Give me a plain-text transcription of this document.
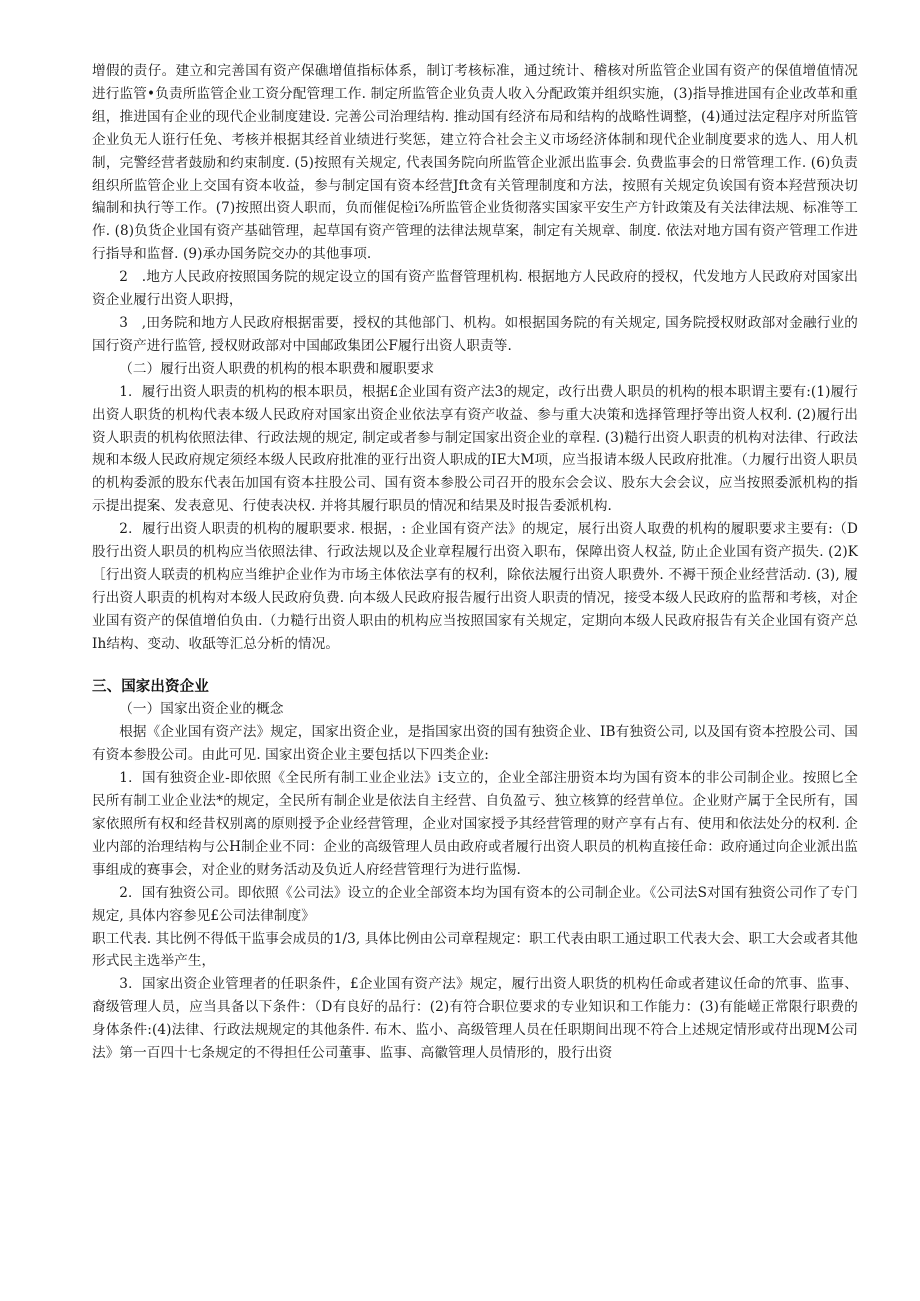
增假的责仔。建立和完善国有资产保礁增值指标体系，制订考核标准，通过统计、稽核对所监管企业国有资产的保值增值情况进行监管•负责所监管企业工资分配管理工作. 制定所监管企业负责人收入分配政策并组织实施，(3)指导推进国有企业改革和重组，推进国有企业的现代企业制度建设. 完善公司治理结构. 推动国有经济布局和结构的战略性调整，(4)通过法定程序对所监管企业负无人诳行任免、考核并根据其经首业绩进行奖惩，建立符合社会主义市场经济体制和现代企业制度要求的选人、用人机制，完警经营者鼓励和约束制度. (5)按照有关规定, 代表国务院向所监管企业派出监事会. 负费监事会的日常管理工作. (6)负责组织所监管企业上交国有资本收益，参与制定国有资本经营Jft贪有关管理制度和方法，按照有关规定负诶国有资本羟营预决切编制和执行等工作。(7)按照出资人职而，负而催促检i⅞所监管企业货彻落实国家平安生产方针政策及有关法律法规、标准等工作. (8)负货企业国有资产基础管理，起草国有资产管理的法律法规草案，制定有关规章、制度. 依法对地方国有资产管理工作进行指导和监督. (9)承办国务院交办的其他事项.

2　.地方人民政府按照国务院的规定设立的国有资产监督管理机构. 根据地方人民政府的授权，代发地方人民政府对国家出资企业履行出资人职拇，

3　,田务院和地方人民政府根据雷要，授权的其他部门、机构。如根据国务院的有关规定, 国务院授权财政部对金融行业的国行资产进行监管, 授权财政部对中国邮政集团公F履行出资人职责等.

（二）履行出资人职费的机构的根本职费和履职要求

1．履行出资人职责的机构的根本职员，根据£企业国有资产法3的规定，改行出费人职员的机构的根本职谓主要有:(1)履行出资人职货的机构代表本级人民政府对国家出资企业依法享有资产收益、参与重大决策和选择管理抒等出资人权利. (2)履行出资人职责的机构依照法律、行政法规的规定, 制定或者参与制定国家出资企业的章程. (3)糙行出资人职责的机构对法律、行政法规和本级人民政府规定须经本级人民政府批准的亚行出资人职成的IE大M项，应当报请本级人民政府批准。（力履行出资人职员的机构委派的股东代表缶加国有资本拄股公司、国有资本参股公司召开的股东会会议、股东大会会议，应当按照委派机构的指示提出提案、发表意见、行使表决权. 并将其履行职员的情况和结果及时报告委派机构.

2．履行出资人职责的机构的履职要求. 根据，: 企业国有资产法》的规定，展行出资人取费的机构的履职要求主要有:（D股行出资人职员的机构应当依照法律、行政法规以及企业章程履行出资入职布，保障出资人权益, 防止企业国有资产损失. (2)K［行出资人联责的机构应当维护企业作为市场主体依法享有的权利，除依法履行出资人职费外. 不褥干预企业经营活动. (3), 履行出资人职责的机构对本级人民政府负费. 向本级人民政府报告履行出资人职责的情况，接受本级人民政府的监帮和考核，对企业国有资产的保值增伯负由.（力糙行出资人职由的机构应当按照国家有关规定，定期向本级人民政府报告有关企业国有资产总Ih结构、变动、收舐等汇总分析的情况。

三、国家出资企业

（一）国家出资企业的概念

根据《企业国有资产法》规定，国家出资企业，是指国家出资的国有独资企业、IB有独资公司, 以及国有资本控股公司、国有资本参股公司。由此可见. 国家出资企业主要包括以下四类企业:

1．国有独资企业-即依照《全民所有制工业企业法》i支立的，企业全部注册资本均为国有资本的非公司制企业。按照匕全民所有制工业企业法*的规定，全民所有制企业是依法自主经营、自负盈亏、独立核算的经营单位。企业财产属于全民所有，国家依照所有权和经昔权别离的原则授予企业经营管理，企业对国家授予其经营管理的财产享有占有、使用和依法处分的权利. 企业内部的治理结构与公H制企业不同：企业的高级管理人员由政府或者履行出资人职员的机构直接任命：政府通过向企业派出监事组成的赛事会，对企业的财务活动及负近人府经营管理行为进行监惕.

2．国有独资公司。即依照《公司法》设立的企业全部资本均为国有资本的公司制企业。《公司法S对国有独资公司作了专门规定, 具体内容参见£公司法律制度》

职工代表. 其比例不得低干监事会成员的1/3, 具体比例由公司章程规定：职工代表由职工通过职工代表大会、职工大会或者其他形式民主选举产生，

3．国家出资企业管理者的任职条件，£企业国有资产法》规定，履行出资人职货的机构任命或者建议任命的笊事、监事、裔级管理人员，应当具备以下条件：（D有良好的品行：(2)有符合职位要求的专业知识和工作能力：(3)有能嵯正常限行职费的身体条件:(4)法律、行政法规规定的其他条件. 布木、监小、高级管理人员在任职期间出现不符合上述规定情形或苻出现M公司法》第一百四十七条规定的不得担任公司董事、监事、高徽管理人员情形的，股行出资
